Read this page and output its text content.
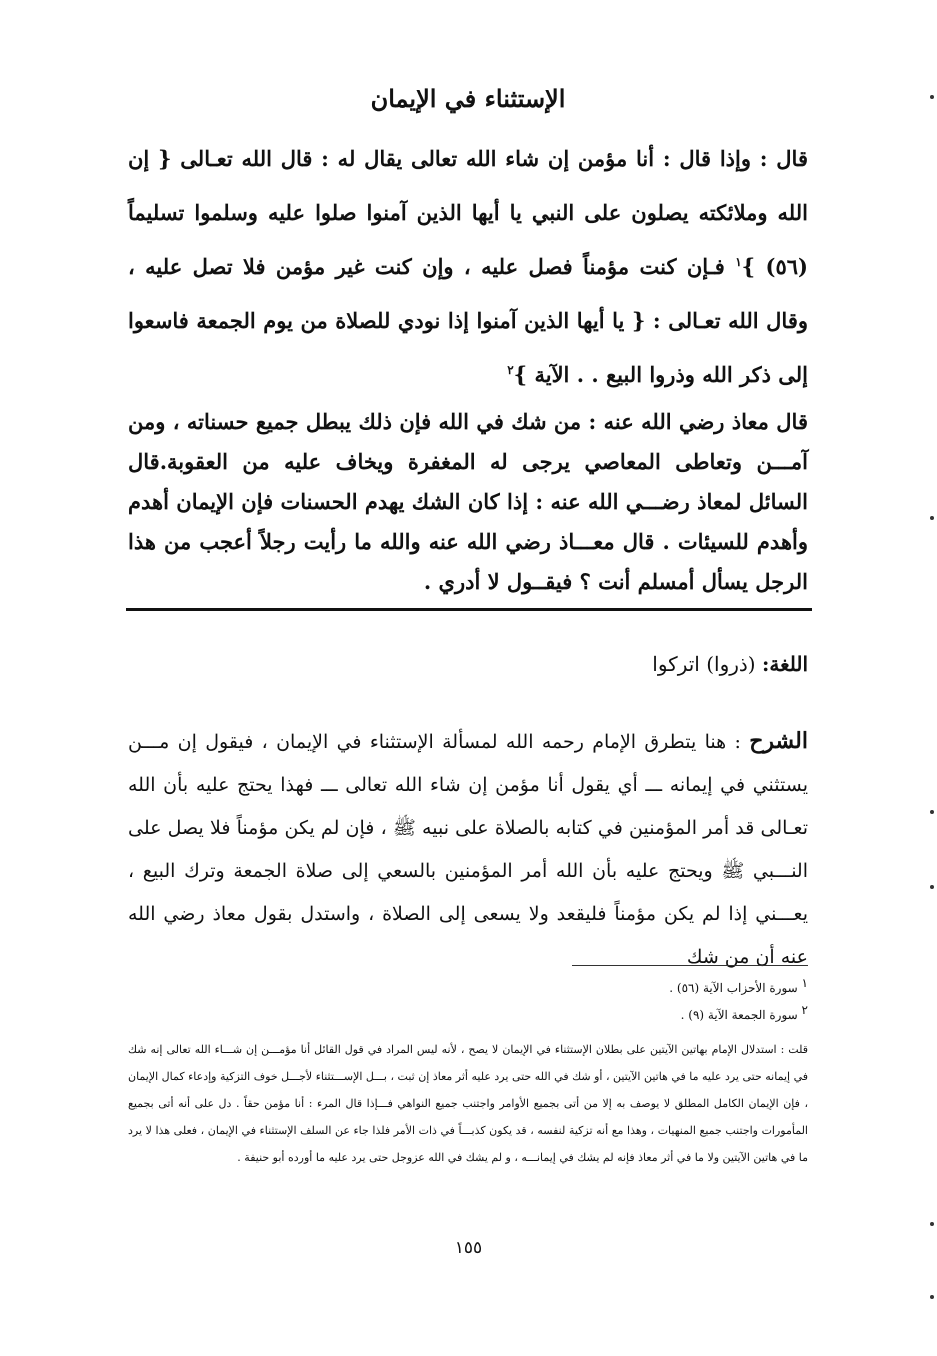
الإستثناء في الإيمان

قال : وإذا قال : أنا مؤمن إن شاء الله تعالى يقال له : قال الله تعـالى { إن الله وملائكته يصلون على النبي يا أيها الذين آمنوا صلوا عليه وسلموا تسليماً (٥٦) }$^١$ فـإن كنت مؤمناً فصل عليه ، وإن كنت غير مؤمن فلا تصل عليه ، وقال الله تعـالى : { يا أيها الذين آمنوا إذا نودي للصلاة من يوم الجمعة فاسعوا إلى ذكر الله وذروا البيع . . الآية }$^٢$

قال معاذ رضي الله عنه : من شك في الله فإن ذلك يبطل جميع حسناته ، ومن آمـــن وتعاطى المعاصي يرجى له المغفرة ويخاف عليه من العقوبة.قال السائل لمعاذ رضـــي الله عنه : إذا كان الشك يهدم الحسنات فإن الإيمان أهدم وأهدم للسيئات . قال معـــاذ رضي الله عنه والله ما رأيت رجلاً أعجب من هذا الرجل يسأل أمسلم أنت ؟ فيقــول لا أدري .

اللغة: (ذروا) اتركوا

الشرح : هنا يتطرق الإمام رحمه الله لمسألة الإستثناء في الإيمان ، فيقول إن مـــن يستثني في إيمانه ـــ أي يقول أنا مؤمن إن شاء الله تعالى ـــ فهذا يحتج عليه بأن الله تعـالى قد أمر المؤمنين في كتابه بالصلاة على نبيه ﷺ ، فإن لم يكن مؤمناً فلا يصل على النـــبي ﷺ ويحتج عليه بأن الله أمر المؤمنين بالسعي إلى صلاة الجمعة وترك البيع ، يعـــني إذا لم يكن مؤمناً فليقعد ولا يسعى إلى الصلاة ، واستدل بقول معاذ رضي الله عنه أن من شك

$^١$ سورة الأحزاب الآية (٥٦) .

$^٢$ سورة الجمعة الآية (٩) .

قلت : استدلال الإمام بهاتين الآيتين على بطلان الإستثناء في الإيمان لا يصح ، لأنه ليس المراد في قول القائل أنا مؤمـــن إن شـــاء الله تعالى إنه شك في إيمانه حتى يرد عليه ما في هاتين الآيتين ، أو شك في الله حتى يرد عليه أثر معاذ إن ثبت ، بـــل الإســـتثناء لأجـــل خوف التزكية وإدعاء كمال الإيمان ، فإن الإيمان الكامل المطلق لا يوصف به إلا من أتى بجميع الأوامر واجتنب جميع النواهي فـــإذا قال المرء : أنا مؤمن حقاً . دل على أنه أتى بجميع المأمورات واجتنب جميع المنهيات ، وهذا مع أنه تزكية لنفسه ، قد يكون كذبـــاً في ذات الأمر فلذا جاء عن السلف الإستثناء في الإيمان ، فعلى هذا لا يرد ما في هاتين الآيتين ولا ما في أثر معاذ فإنه لم يشك في إيمانـــه ، و لم يشك في الله عزوجل حتى يرد عليه ما أورده أبو حنيفة .

١٥٥
